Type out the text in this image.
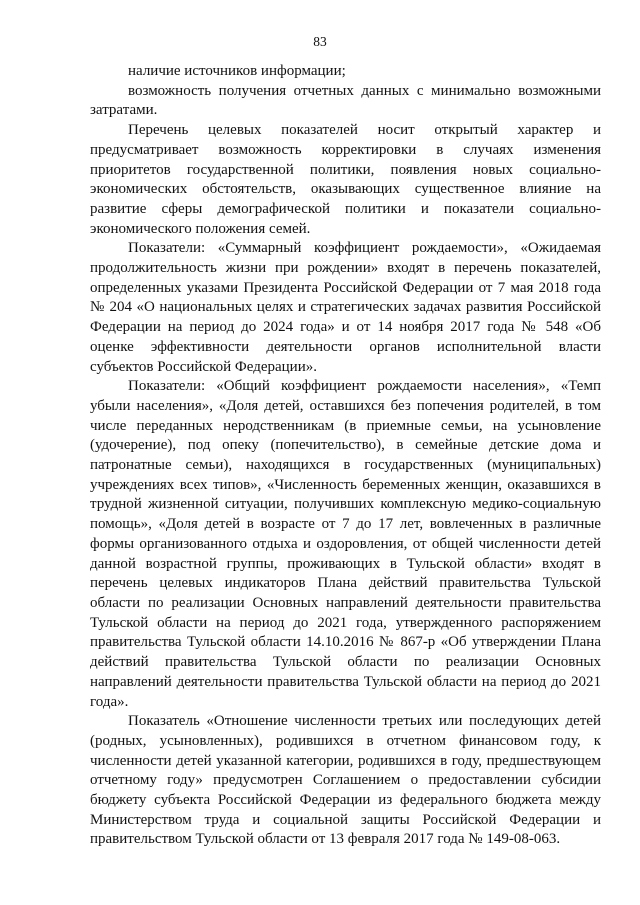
83

наличие источников информации;

возможность получения отчетных данных с минимально возможными затратами.

Перечень целевых показателей носит открытый характер и предусматривает возможность корректировки в случаях изменения приоритетов государственной политики, появления новых социально-экономических обстоятельств, оказывающих существенное влияние на развитие сферы демографической политики и показатели социально-экономического положения семей.

Показатели: «Суммарный коэффициент рождаемости», «Ожидаемая продолжительность жизни при рождении» входят в перечень показателей, определенных указами Президента Российской Федерации от 7 мая 2018 года № 204 «О национальных целях и стратегических задачах развития Российской Федерации на период до 2024 года» и от 14 ноября 2017 года № 548 «Об оценке эффективности деятельности органов исполнительной власти субъектов Российской Федерации».

Показатели: «Общий коэффициент рождаемости населения», «Темп убыли населения», «Доля детей, оставшихся без попечения родителей, в том числе переданных неродственникам (в приемные семьи, на усыновление (удочерение), под опеку (попечительство), в семейные детские дома и патронатные семьи), находящихся в государственных (муниципальных) учреждениях всех типов», «Численность беременных женщин, оказавшихся в трудной жизненной ситуации, получивших комплексную медико-социальную помощь», «Доля детей в возрасте от 7 до 17 лет, вовлеченных в различные формы организованного отдыха и оздоровления, от общей численности детей данной возрастной группы, проживающих в Тульской области» входят в перечень целевых индикаторов Плана действий правительства Тульской области по реализации Основных направлений деятельности правительства Тульской области на период до 2021 года, утвержденного распоряжением правительства Тульской области 14.10.2016 № 867-р «Об утверждении Плана действий правительства Тульской области по реализации Основных направлений деятельности правительства Тульской области на период до 2021 года».

Показатель «Отношение численности третьих или последующих детей (родных, усыновленных), родившихся в отчетном финансовом году, к численности детей указанной категории, родившихся в году, предшествующем отчетному году» предусмотрен Соглашением о предоставлении субсидии бюджету субъекта Российской Федерации из федерального бюджета между Министерством труда и социальной защиты Российской Федерации и правительством Тульской области от 13 февраля 2017 года № 149-08-063.
